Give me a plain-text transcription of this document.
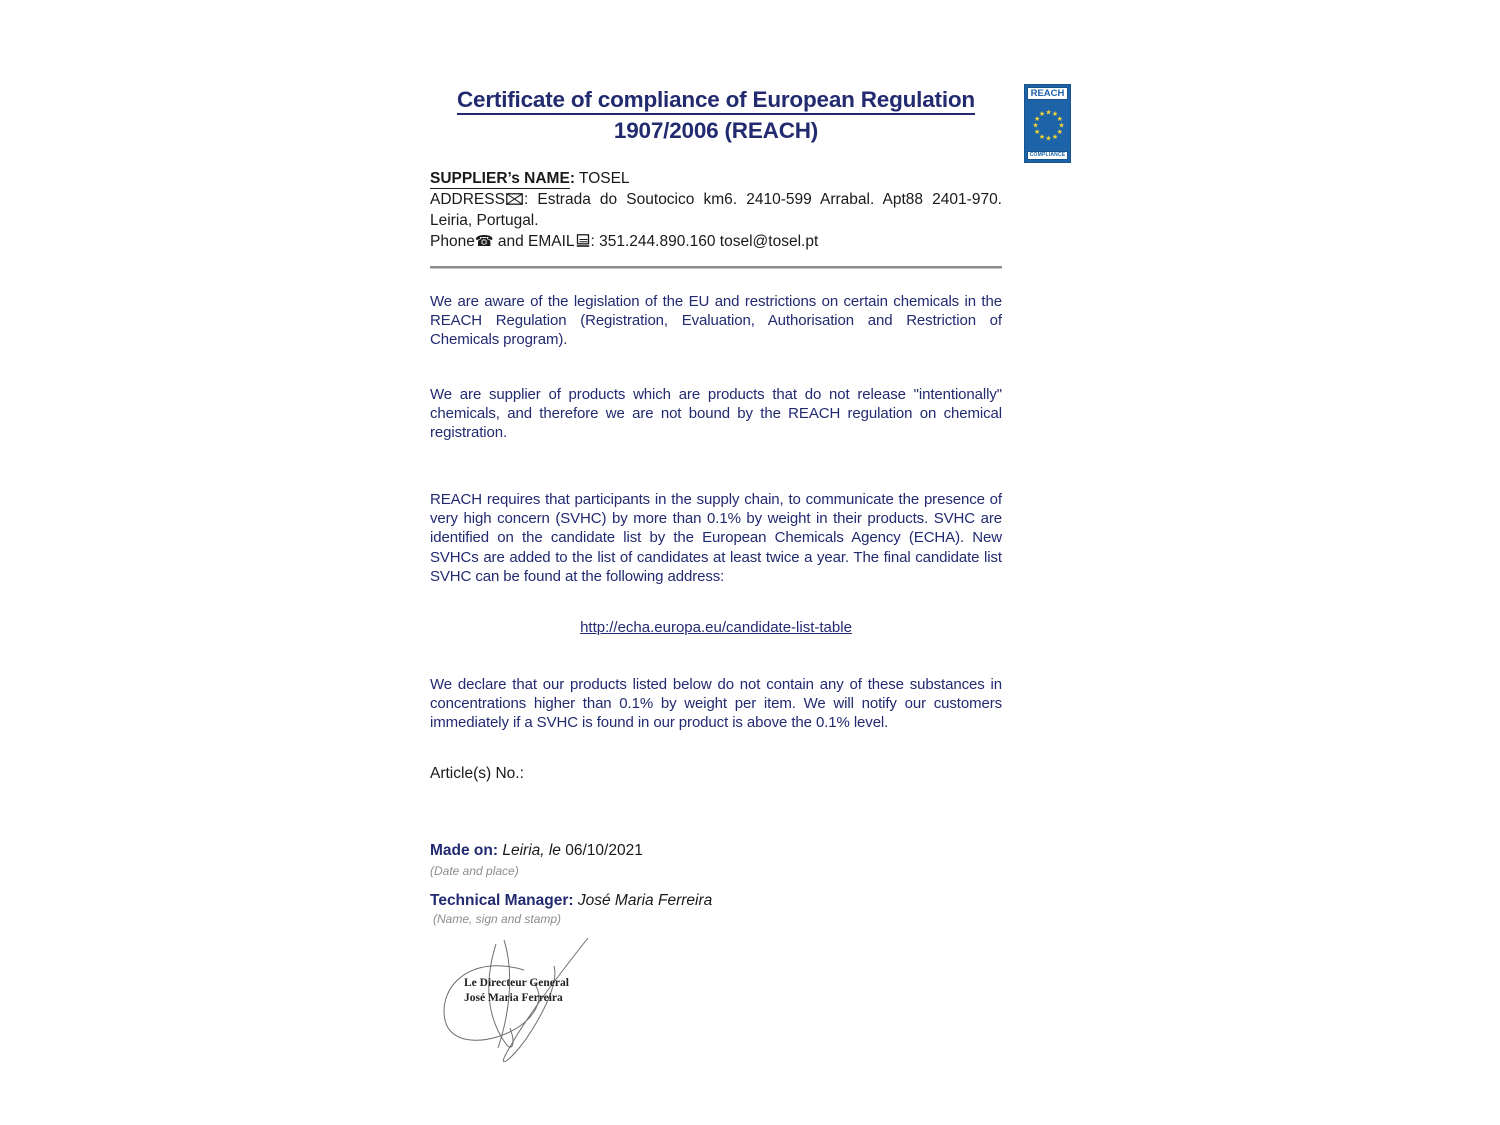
Certificate of compliance of European Regulation
1907/2006 (REACH)
REACH
★ ★
★
★
★
★
★
★
★
★
★
★
COMPLIANCE
SUPPLIER’s NAME: TOSEL
ADDRESS : Estrada do Soutocico km6. 2410-599 Arrabal. Apt88 2401-970. Leiria, Portugal.
Phone☎ and EMAIL : 351.244.890.160 tosel@tosel.pt
We are aware of the legislation of the EU and restrictions on certain chemicals in the REACH Regulation (Registration, Evaluation, Authorisation and Restriction of Chemicals program).
We are supplier of products which are products that do not release "intentionally" chemicals, and therefore we are not bound by the REACH regulation on chemical registration.
REACH requires that participants in the supply chain, to communicate the presence of very high concern (SVHC) by more than 0.1% by weight in their products. SVHC are identified on the candidate list by the European Chemicals Agency (ECHA). New SVHCs are added to the list of candidates at least twice a year. The final candidate list SVHC can be found at the following address:
http://echa.europa.eu/candidate-list-table
We declare that our products listed below do not contain any of these substances in concentrations higher than 0.1% by weight per item. We will notify our customers immediately if a SVHC is found in our product is above the 0.1% level.
Article(s) No.:
Made on: Leiria, le 06/10/2021
(Date and place)
Technical Manager: José Maria Ferreira
(Name, sign and stamp)
Le Directeur General
José Maria Ferreira
